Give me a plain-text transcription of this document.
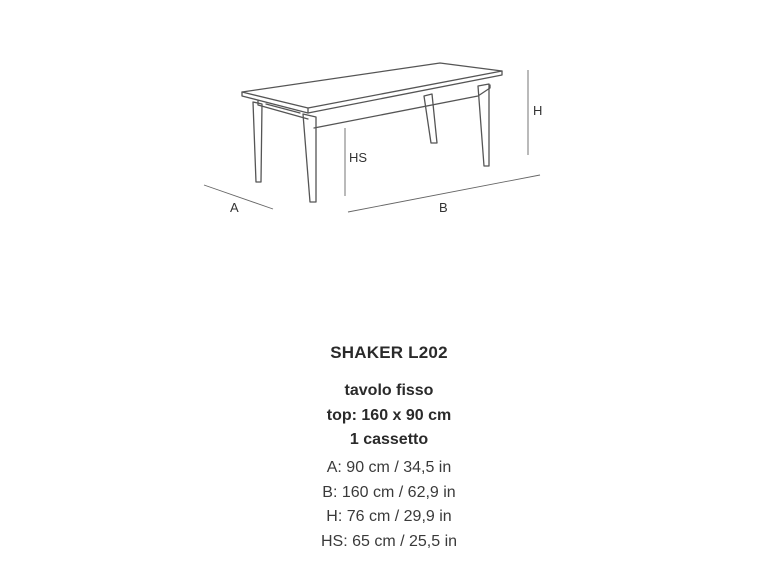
A	B
H
HS
SHAKER L202
tavolo fisso
top: 160 x 90 cm
1 cassetto
A: 90 cm / 34,5 in
B: 160 cm / 62,9 in
H: 76 cm / 29,9 in
HS: 65 cm / 25,5 in
